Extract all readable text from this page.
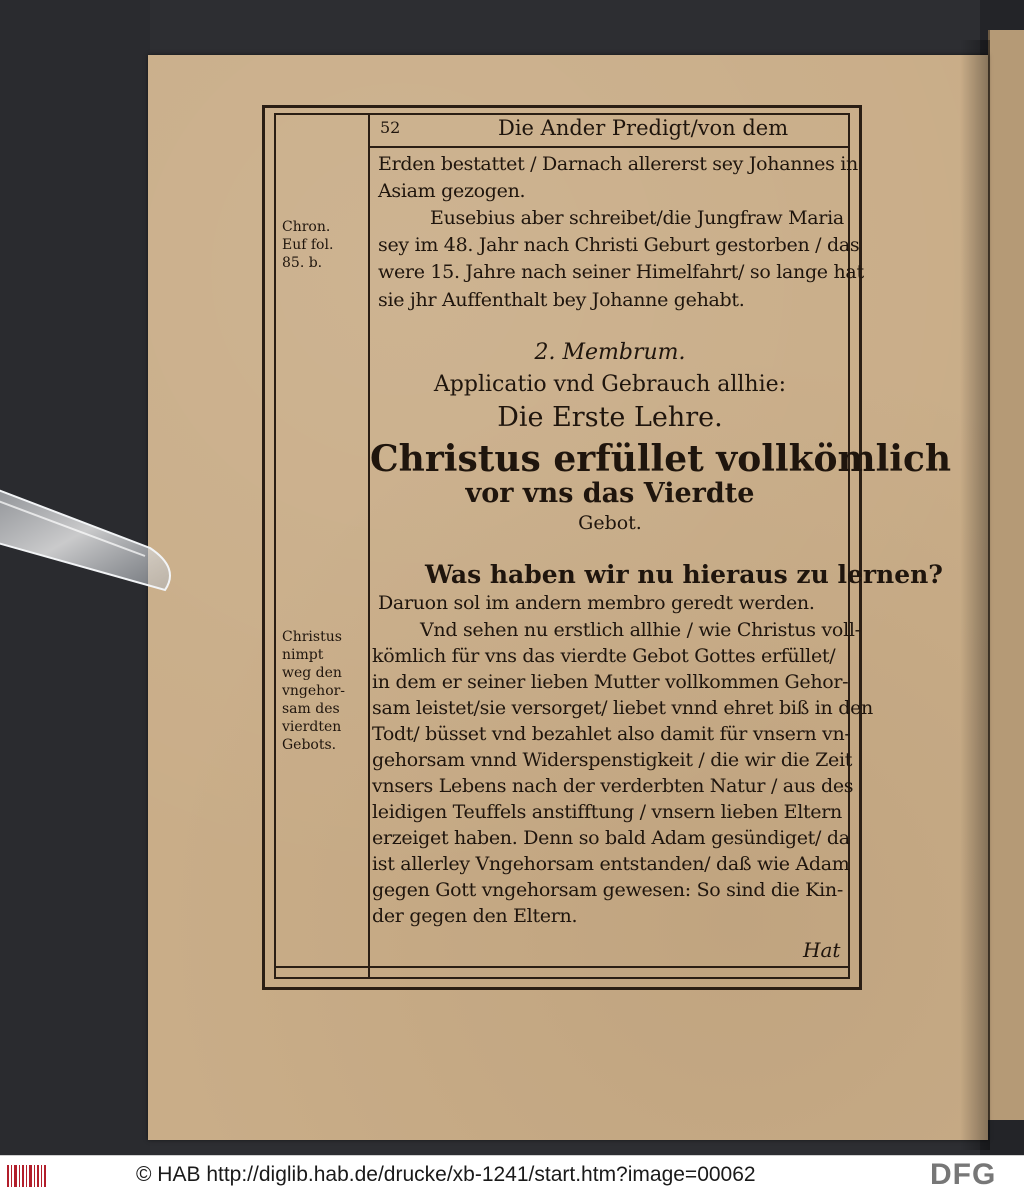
52	Die Ander Predigt/von dem
Erden bestattet / Darnach allererst sey Johannes in
Asiam gezogen.
Eusebius aber schreibet/die Jungfraw Maria
sey im 48. Jahr nach Christi Geburt gestorben / das
were 15. Jahre nach seiner Himelfahrt/ so lange hat
sie jhr Auffenthalt bey Johanne gehabt.
Chron.
Euf fol.
85. b.
2. Membrum.
Applicatio vnd Gebrauch allhie:
Die Erste Lehre.
Christus erfüllet vollkömlich
vor vns das Vierdte
Gebot.
Was haben wir nu hieraus zu lernen?
Daruon sol im andern membro geredt werden.
Vnd sehen nu erstlich allhie / wie Christus voll-
kömlich für vns das vierdte Gebot Gottes erfüllet/
in dem er seiner lieben Mutter vollkommen Gehor-
sam leistet/sie versorget/ liebet vnnd ehret biß in den
Todt/ büsset vnd bezahlet also damit für vnsern vn-
gehorsam vnnd Widerspenstigkeit / die wir die Zeit
vnsers Lebens nach der verderbten Natur / aus des
leidigen Teuffels anstifftung / vnsern lieben Eltern
erzeiget haben. Denn so bald Adam gesündiget/ da
ist allerley Vngehorsam entstanden/ daß wie Adam
gegen Gott vngehorsam gewesen: So sind die Kin-
der gegen den Eltern.
Christus
nimpt
weg den
vngehor-
sam des
vierdten
Gebots.
Hat
© HAB http://diglib.hab.de/drucke/xb-1241/start.htm?image=00062	DFG
